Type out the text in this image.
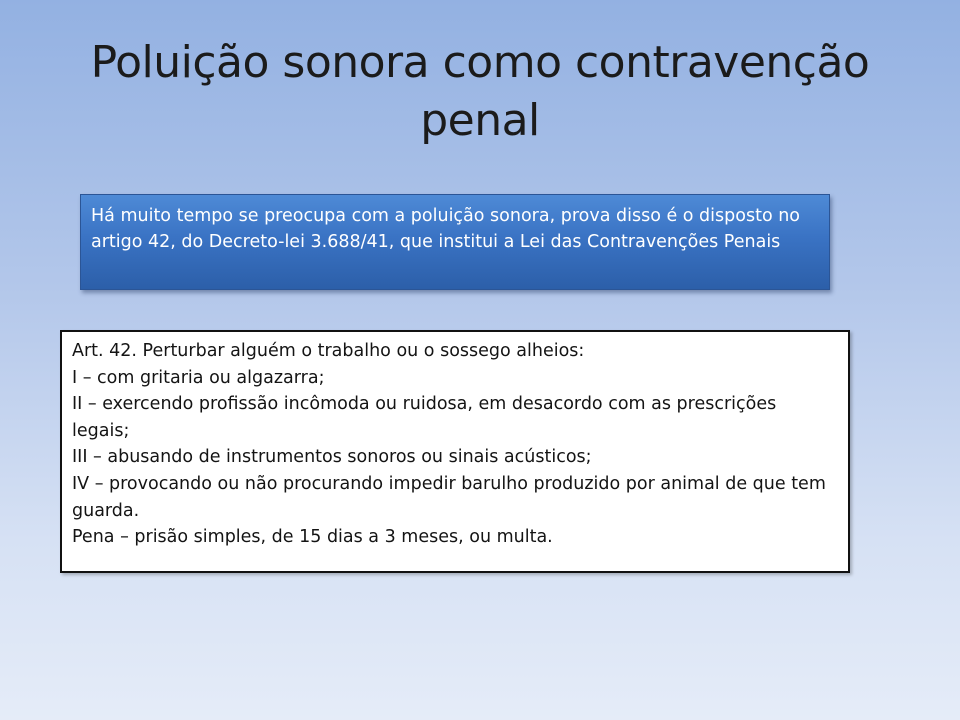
Poluição sonora como contravenção penal
Há muito tempo se preocupa com a poluição sonora, prova disso é o disposto no artigo 42, do Decreto-lei 3.688/41, que institui a Lei das Contravenções Penais
Art. 42. Perturbar alguém o trabalho ou o sossego alheios:
I – com gritaria ou algazarra;
II – exercendo profissão incômoda ou ruidosa, em desacordo com as prescrições legais;
III – abusando de instrumentos sonoros ou sinais acústicos;
IV – provocando ou não procurando impedir barulho produzido por animal de que tem guarda.
Pena – prisão simples, de 15 dias a 3 meses, ou multa.
